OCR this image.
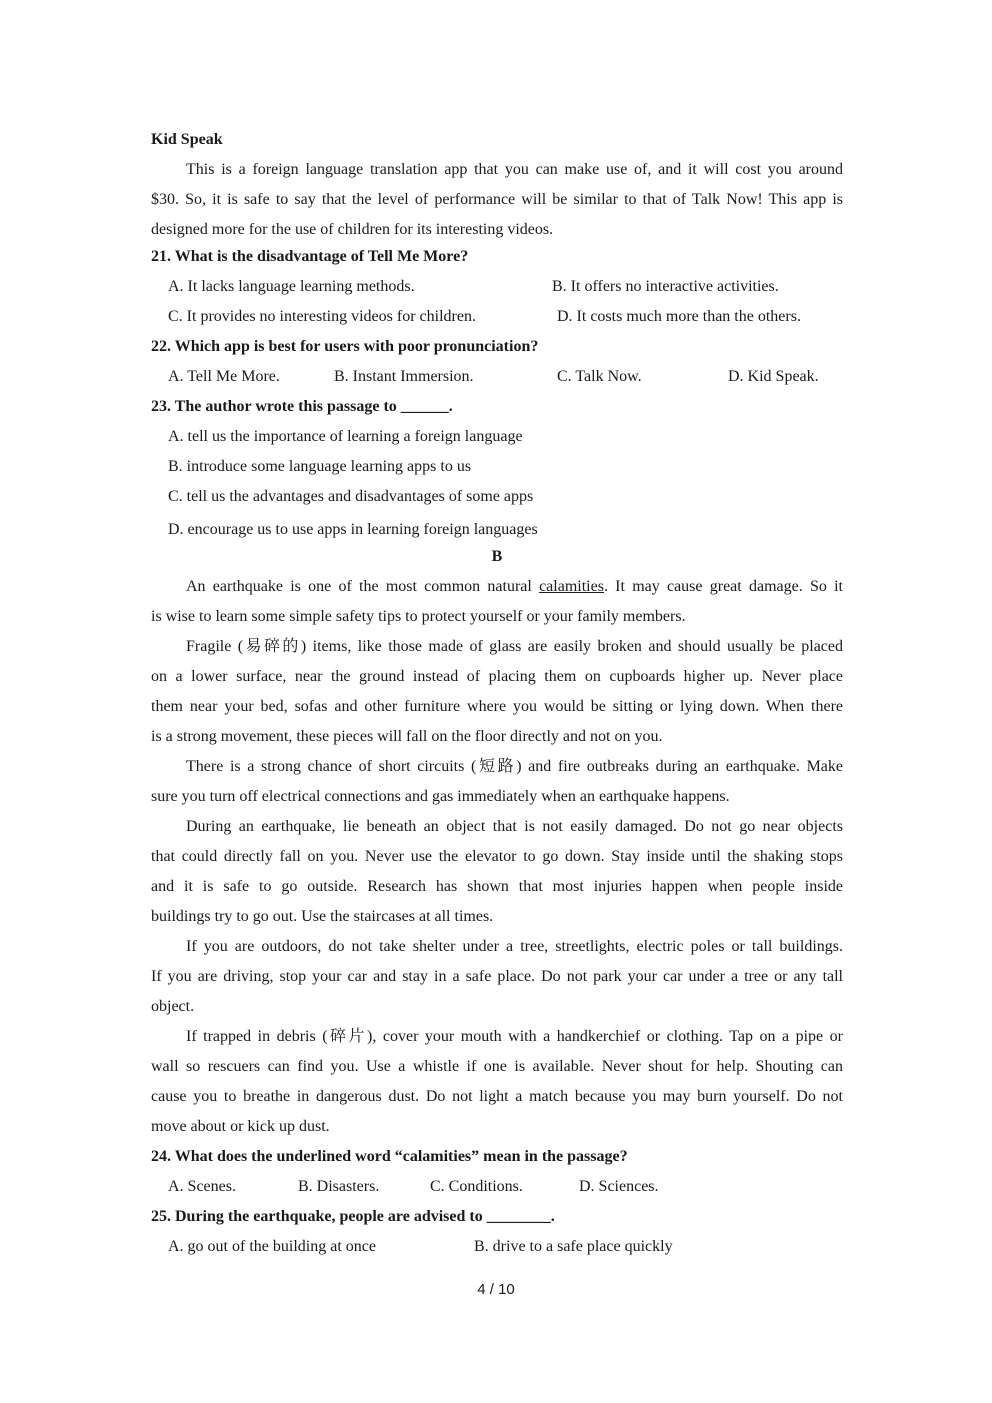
Kid Speak
This is a foreign language translation app that you can make use of, and it will cost you around
$30. So, it is safe to say that the level of performance will be similar to that of Talk Now! This app is
designed more for the use of children for its interesting videos.
21. What is the disadvantage of Tell Me More?
A. It lacks language learning methods.	B. It offers no interactive activities.
C. It provides no interesting videos for children.	D. It costs much more than the others.
22. Which app is best for users with poor pronunciation?
A. Tell Me More.	B. Instant Immersion.	C. Talk Now.	D. Kid Speak.
23. The author wrote this passage to ______.
A. tell us the importance of learning a foreign language
B. introduce some language learning apps to us
C. tell us the advantages and disadvantages of some apps
D. encourage us to use apps in learning foreign languages
B
An earthquake is one of the most common natural calamities. It may cause great damage. So it
is wise to learn some simple safety tips to protect yourself or your family members.
Fragile (易碎的) items, like those made of glass are easily broken and should usually be placed
on a lower surface, near the ground instead of placing them on cupboards higher up. Never place
them near your bed, sofas and other furniture where you would be sitting or lying down. When there
is a strong movement, these pieces will fall on the floor directly and not on you.
There is a strong chance of short circuits (短路) and fire outbreaks during an earthquake. Make
sure you turn off electrical connections and gas immediately when an earthquake happens.
During an earthquake, lie beneath an object that is not easily damaged. Do not go near objects
that could directly fall on you. Never use the elevator to go down. Stay inside until the shaking stops
and it is safe to go outside. Research has shown that most injuries happen when people inside
buildings try to go out. Use the staircases at all times.
If you are outdoors, do not take shelter under a tree, streetlights, electric poles or tall buildings.
If you are driving, stop your car and stay in a safe place. Do not park your car under a tree or any tall
object.
If trapped in debris (碎片), cover your mouth with a handkerchief or clothing. Tap on a pipe or
wall so rescuers can find you. Use a whistle if one is available. Never shout for help. Shouting can
cause you to breathe in dangerous dust. Do not light a match because you may burn yourself. Do not
move about or kick up dust.
24. What does the underlined word “calamities” mean in the passage?
A. Scenes.	B. Disasters.	C. Conditions.	D. Sciences.
25. During the earthquake, people are advised to ________.
A. go out of the building at once	B. drive to a safe place quickly
4 / 10
